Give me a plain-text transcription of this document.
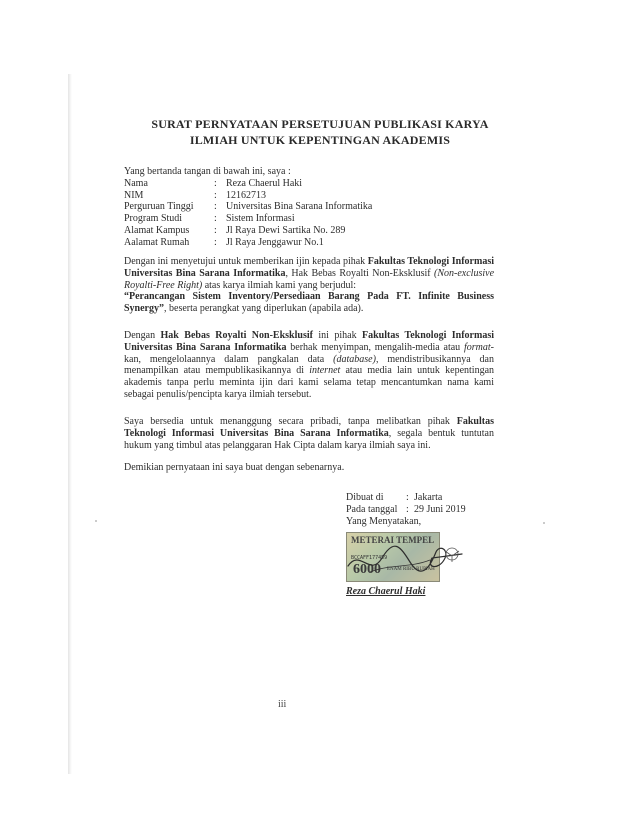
SURAT PERNYATAAN PERSETUJUAN PUBLIKASI KARYA
ILMIAH UNTUK KEPENTINGAN AKADEMIS
Yang bertanda tangan di bawah ini, saya :
Nama	: Reza Chaerul Haki
NIM	: 12162713
Perguruan Tinggi	: Universitas Bina Sarana Informatika
Program Studi	: Sistem Informasi
Alamat Kampus	: Jl Raya Dewi Sartika No. 289
Aalamat Rumah	: Jl Raya Jenggawur No.1
Dengan ini menyetujui untuk memberikan ijin kepada pihak Fakultas Teknologi Informasi Universitas Bina Sarana Informatika, Hak Bebas Royalti Non-Eksklusif (Non-exclusive Royalti-Free Right) atas karya ilmiah kami yang berjudul:
“Perancangan Sistem Inventory/Persediaan Barang Pada FT. Infinite Business Synergy”, beserta perangkat yang diperlukan (apabila ada).
Dengan Hak Bebas Royalti Non-Eksklusif ini pihak Fakultas Teknologi Informasi Universitas Bina Sarana Informatika berhak menyimpan, mengalih-media atau format-kan, mengelolaannya dalam pangkalan data (database), mendistribusikannya dan menampilkan atau mempublikasikannya di internet atau media lain untuk kepentingan akademis tanpa perlu meminta ijin dari kami selama tetap mencantumkan nama kami sebagai penulis/pencipta karya ilmiah tersebut.
Saya bersedia untuk menanggung secara pribadi, tanpa melibatkan pihak Fakultas Teknologi Informasi Universitas Bina Sarana Informatika, segala bentuk tuntutan hukum yang timbul atas pelanggaran Hak Cipta dalam karya ilmiah saya ini.
Demikian pernyataan ini saya buat dengan sebenarnya.
Dibuat di	: Jakarta
Pada tanggal : 29 Juni 2019
Yang Menyatakan,
METERAI TEMPEL
BCCAFF177459
6000 ENAM RIBU RUPIAH
Reza Chaerul Haki
iii
